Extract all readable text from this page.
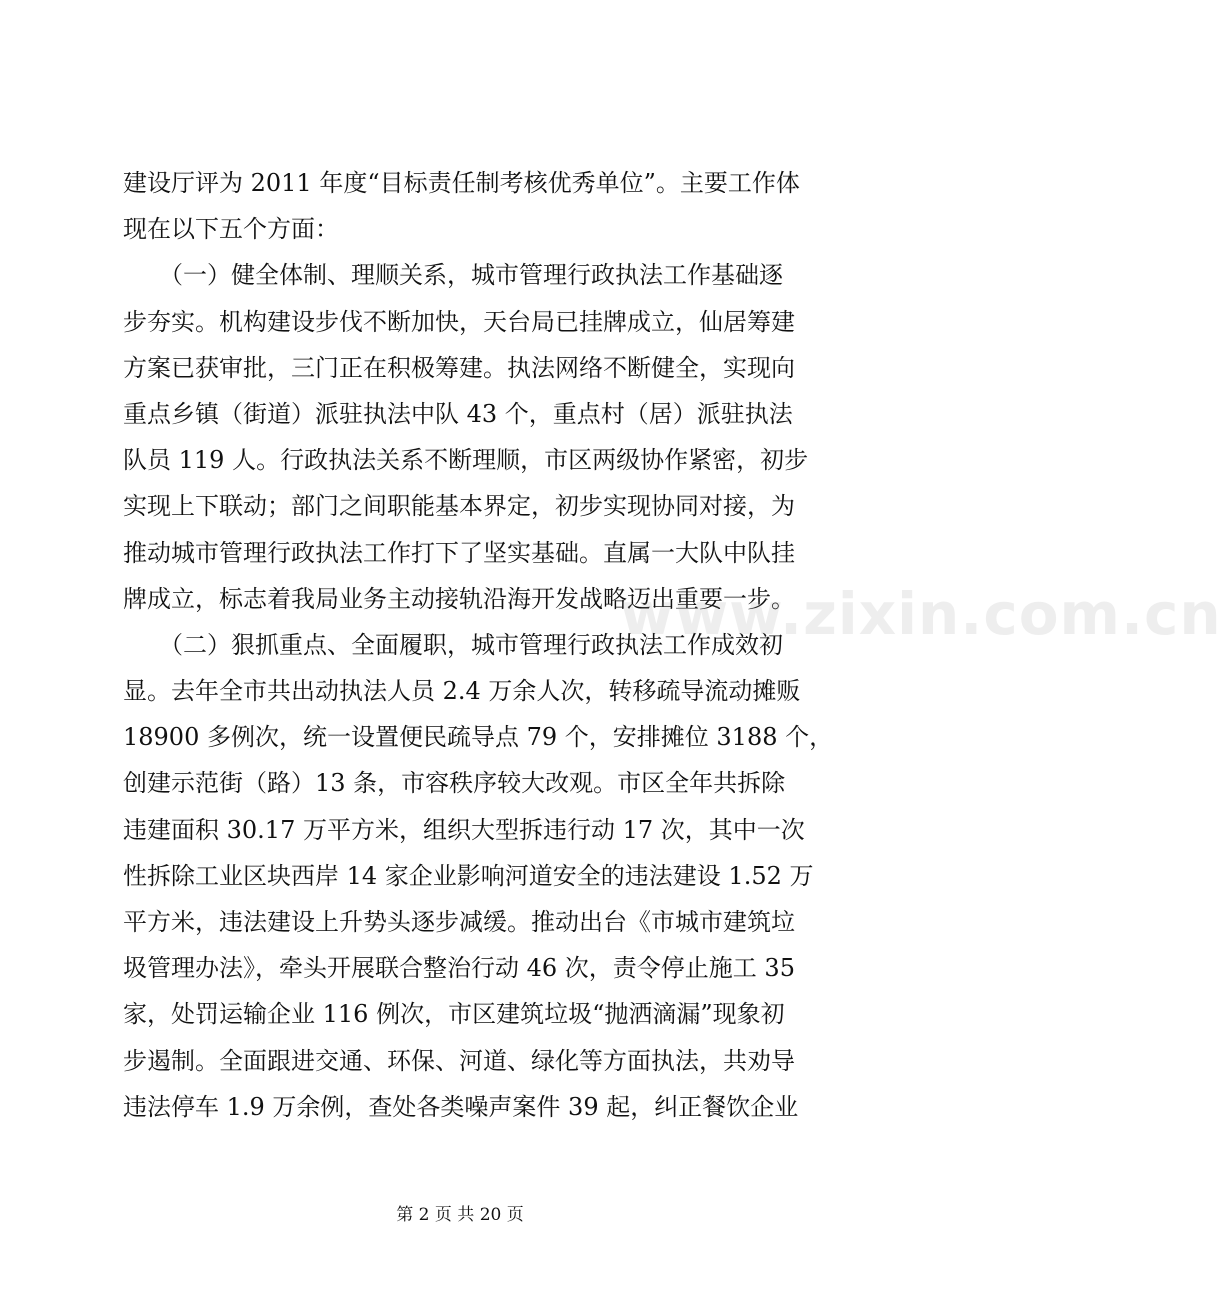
建设厅评为 2011 年度“目标责任制考核优秀单位”。主要工作体
现在以下五个方面：
　　（一）健全体制、理顺关系，城市管理行政执法工作基础逐
步夯实。机构建设步伐不断加快，天台局已挂牌成立，仙居筹建
方案已获审批，三门正在积极筹建。执法网络不断健全，实现向
重点乡镇（街道）派驻执法中队 43 个，重点村（居）派驻执法
队员 119 人。行政执法关系不断理顺，市区两级协作紧密，初步
实现上下联动；部门之间职能基本界定，初步实现协同对接，为
推动城市管理行政执法工作打下了坚实基础。直属一大队中队挂
牌成立，标志着我局业务主动接轨沿海开发战略迈出重要一步。
　　（二）狠抓重点、全面履职，城市管理行政执法工作成效初
显。去年全市共出动执法人员 2.4 万余人次，转移疏导流动摊贩
18900 多例次，统一设置便民疏导点 79 个，安排摊位 3188 个，
创建示范街（路）13 条，市容秩序较大改观。市区全年共拆除
违建面积 30.17 万平方米，组织大型拆违行动 17 次，其中一次
性拆除工业区块西岸 14 家企业影响河道安全的违法建设 1.52 万
平方米，违法建设上升势头逐步减缓。推动出台《市城市建筑垃
圾管理办法》，牵头开展联合整治行动 46 次，责令停止施工 35
家，处罚运输企业 116 例次，市区建筑垃圾“抛洒滴漏”现象初
步遏制。全面跟进交通、环保、河道、绿化等方面执法，共劝导
违法停车 1.9 万余例，查处各类噪声案件 39 起，纠正餐饮企业
www.zixin.com.cn
第 2 页 共 20 页
